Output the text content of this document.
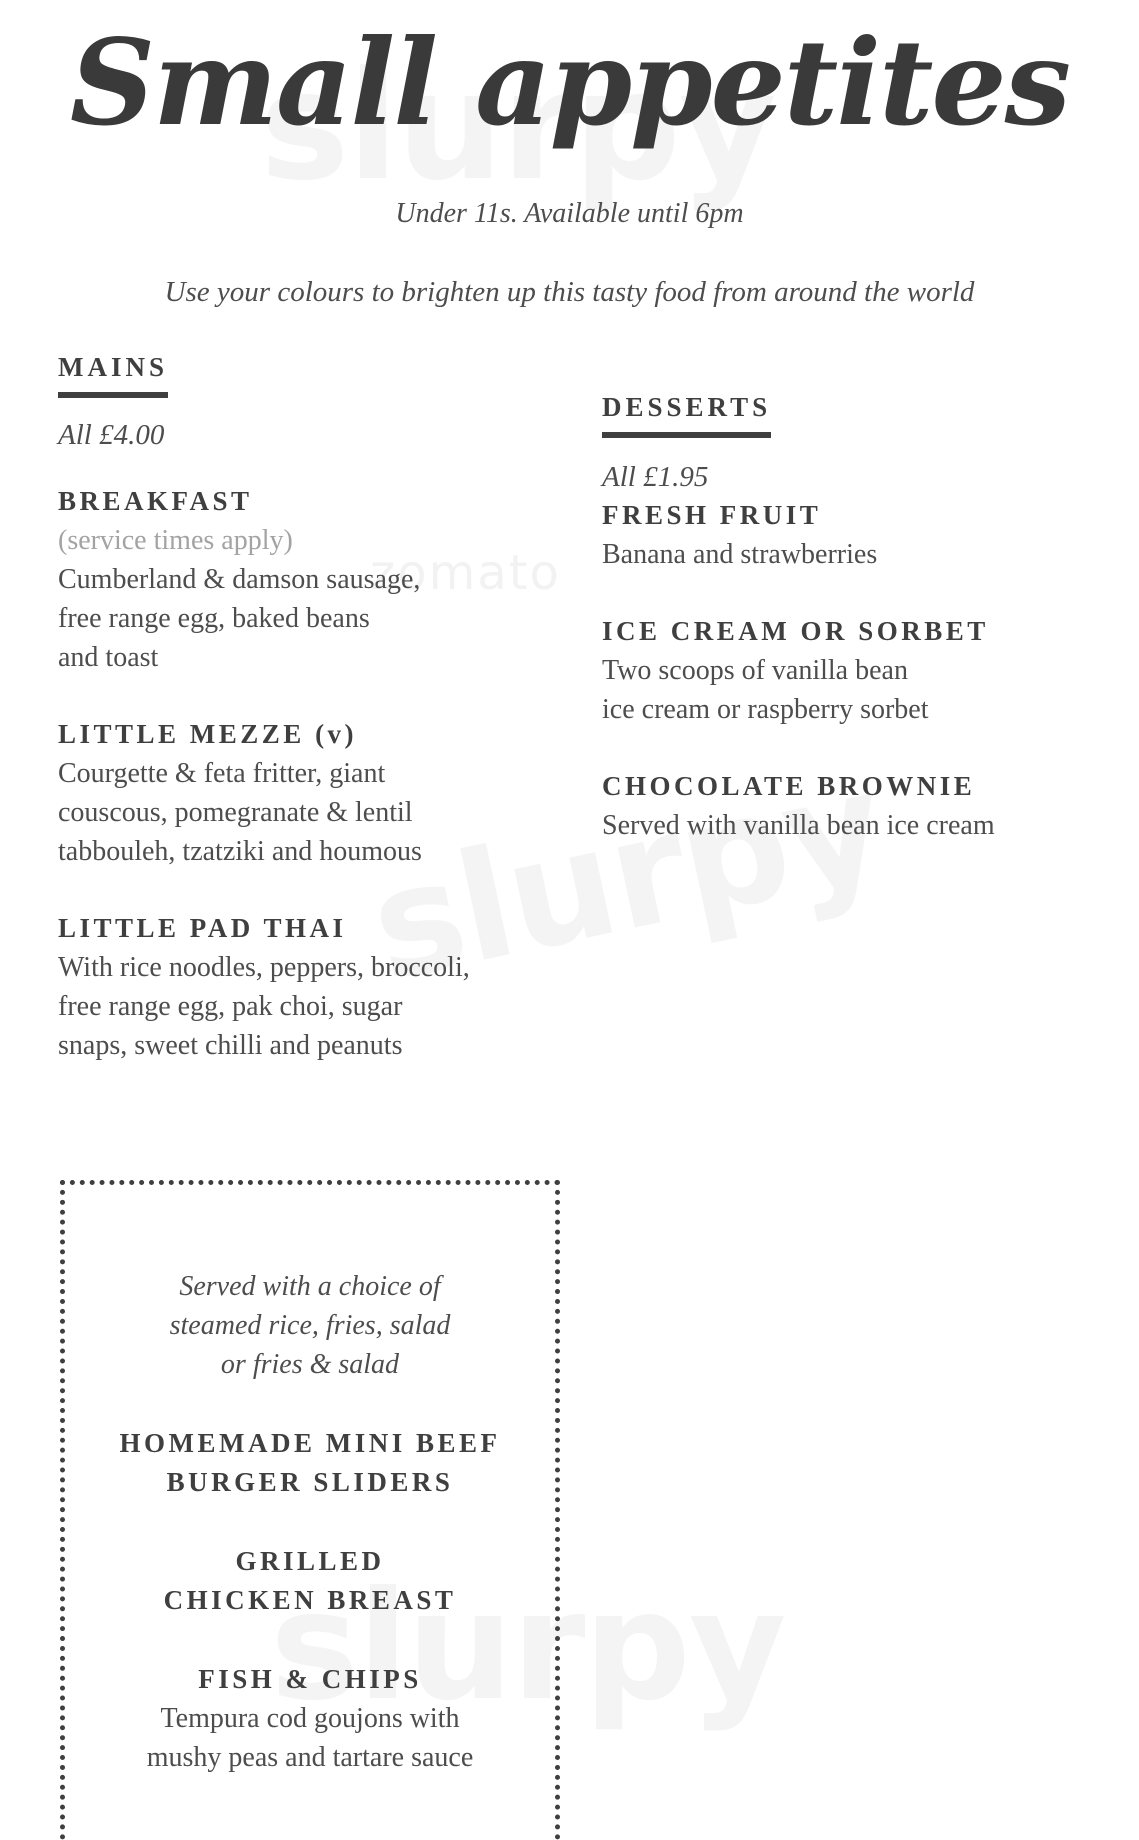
zomato
Small appetites

Under 11s. Available until 6pm

Use your colours to brighten up this tasty food from around the world

MAINS

All £4.00

BREAKFAST

(service times apply)

Cumberland & damson sausage,
free range egg, baked beans
and toast

LITTLE MEZZE (v)

Courgette & feta fritter, giant
couscous, pomegranate & lentil
tabbouleh, tzatziki and houmous

LITTLE PAD THAI

With rice noodles, peppers, broccoli,
free range egg, pak choi, sugar
snaps, sweet chilli and peanuts

DESSERTS

All £1.95

FRESH FRUIT

Banana and strawberries

ICE CREAM OR SORBET

Two scoops of vanilla bean
ice cream or raspberry sorbet

CHOCOLATE BROWNIE

Served with vanilla bean ice cream

Served with a choice of
steamed rice, fries, salad
or fries & salad

HOMEMADE MINI BEEF
BURGER SLIDERS

GRILLED
CHICKEN BREAST

FISH & CHIPS

Tempura cod goujons with
mushy peas and tartare sauce
